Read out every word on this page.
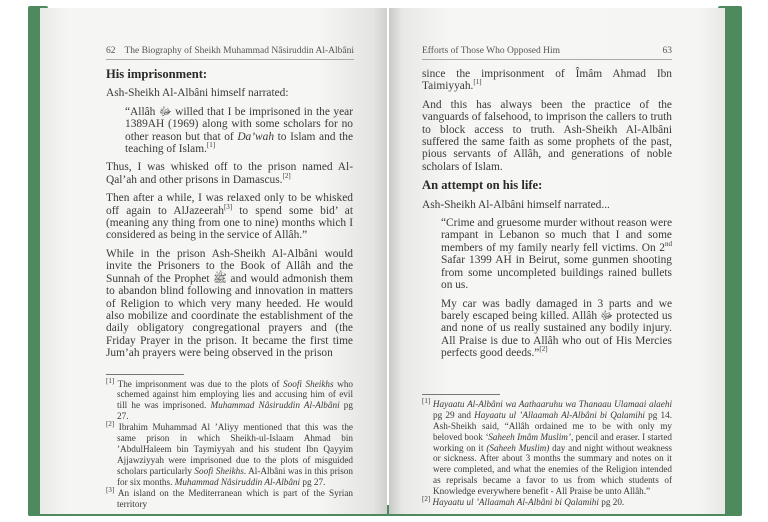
62 The Biography of Sheikh Muhammad Nâsiruddin Al-Albâni
His imprisonment:

Ash-Sheikh Al-Albâni himself narrated:

“Allâh ﷻ willed that I be imprisoned in the year 1389AH (1969) along with some scholars for no other reason but that of Da’wah to Islam and the teaching of Islam.[1]

Thus, I was whisked off to the prison named Al-Qal’ah and other prisons in Damascus.[2]

Then after a while, I was relaxed only to be whisked off again to AlJazeerah[3] to spend some bid’ at (meaning any thing from one to nine) months which I considered as being in the service of Allâh.”

While in the prison Ash-Sheikh Al-Albâni would invite the Prisoners to the Book of Allâh and the Sunnah of the Prophet ﷺ and would admonish them to abandon blind following and innovation in matters of Religion to which very many heeded. He would also mobilize and coordinate the establishment of the daily obligatory congregational prayers and (the Friday Prayer in the prison. It became the first time Jum’ah prayers were being observed in the prison

[1] The imprisonment was due to the plots of Soofi Sheikhs who schemed against him employing lies and accusing him of evil till he was imprisoned. Muhammad Nâsiruddin Al-Albâni pg 27.

[2] Ibrahim Muhammad Al ’Aliyy mentioned that this was the same prison in which Sheikh-ul-Islaam Ahmad bin ’AbdulHaleem bin Taymiyyah and his student Ibn Qayyim Ajjawziyyah were imprisoned due to the plots of misguided scholars particularly Soofi Sheikhs. Al-Albâni was in this prison for six months. Muhammad Nâsiruddin Al-Albâni pg 27.

[3] An island on the Mediterranean which is part of the Syrian territory

Efforts of Those Who Opposed Him	63

since the imprisonment of Îmâm Ahmad Ibn Taimiyyah.[1]

And this has always been the practice of the vanguards of falsehood, to imprison the callers to truth to block access to truth. Ash-Sheikh Al-Albâni suffered the same faith as some prophets of the past, pious servants of Allâh, and generations of noble scholars of Islam.

An attempt on his life:

Ash-Sheikh Al-Albâni himself narrated...

“Crime and gruesome murder without reason were rampant in Lebanon so much that I and some members of my family nearly fell victims. On 2nd Safar 1399 AH in Beirut, some gunmen shooting from some uncompleted buildings rained bullets on us.

My car was badly damaged in 3 parts and we barely escaped being killed. Allâh ﷻ protected us and none of us really sustained any bodily injury. All Praise is due to Allâh who out of His Mercies perfects good deeds.”[2]

[1] Hayaatu Al-Albâni wa Aathaaruhu wa Thanaau Ulamaai alaehi pg 29 and Hayaatu ul ’Allaamah Al-Albâni bi Qalamihi pg 14. Ash-Sheikh said, “Allâh ordained me to be with only my beloved book ‘Saheeh Imâm Muslim’, pencil and eraser. I started working on it (Saheeh Muslim) day and night without weakness or sickness. After about 3 months the summary and notes on it were completed, and what the enemies of the Religion intended as reprisals became a favor to us from which students of Knowledge everywhere benefit - All Praise be unto Allâh.”

[2] Hayaatu ul ’Allaamah Al-Albâni bi Qalamihi pg 20.
